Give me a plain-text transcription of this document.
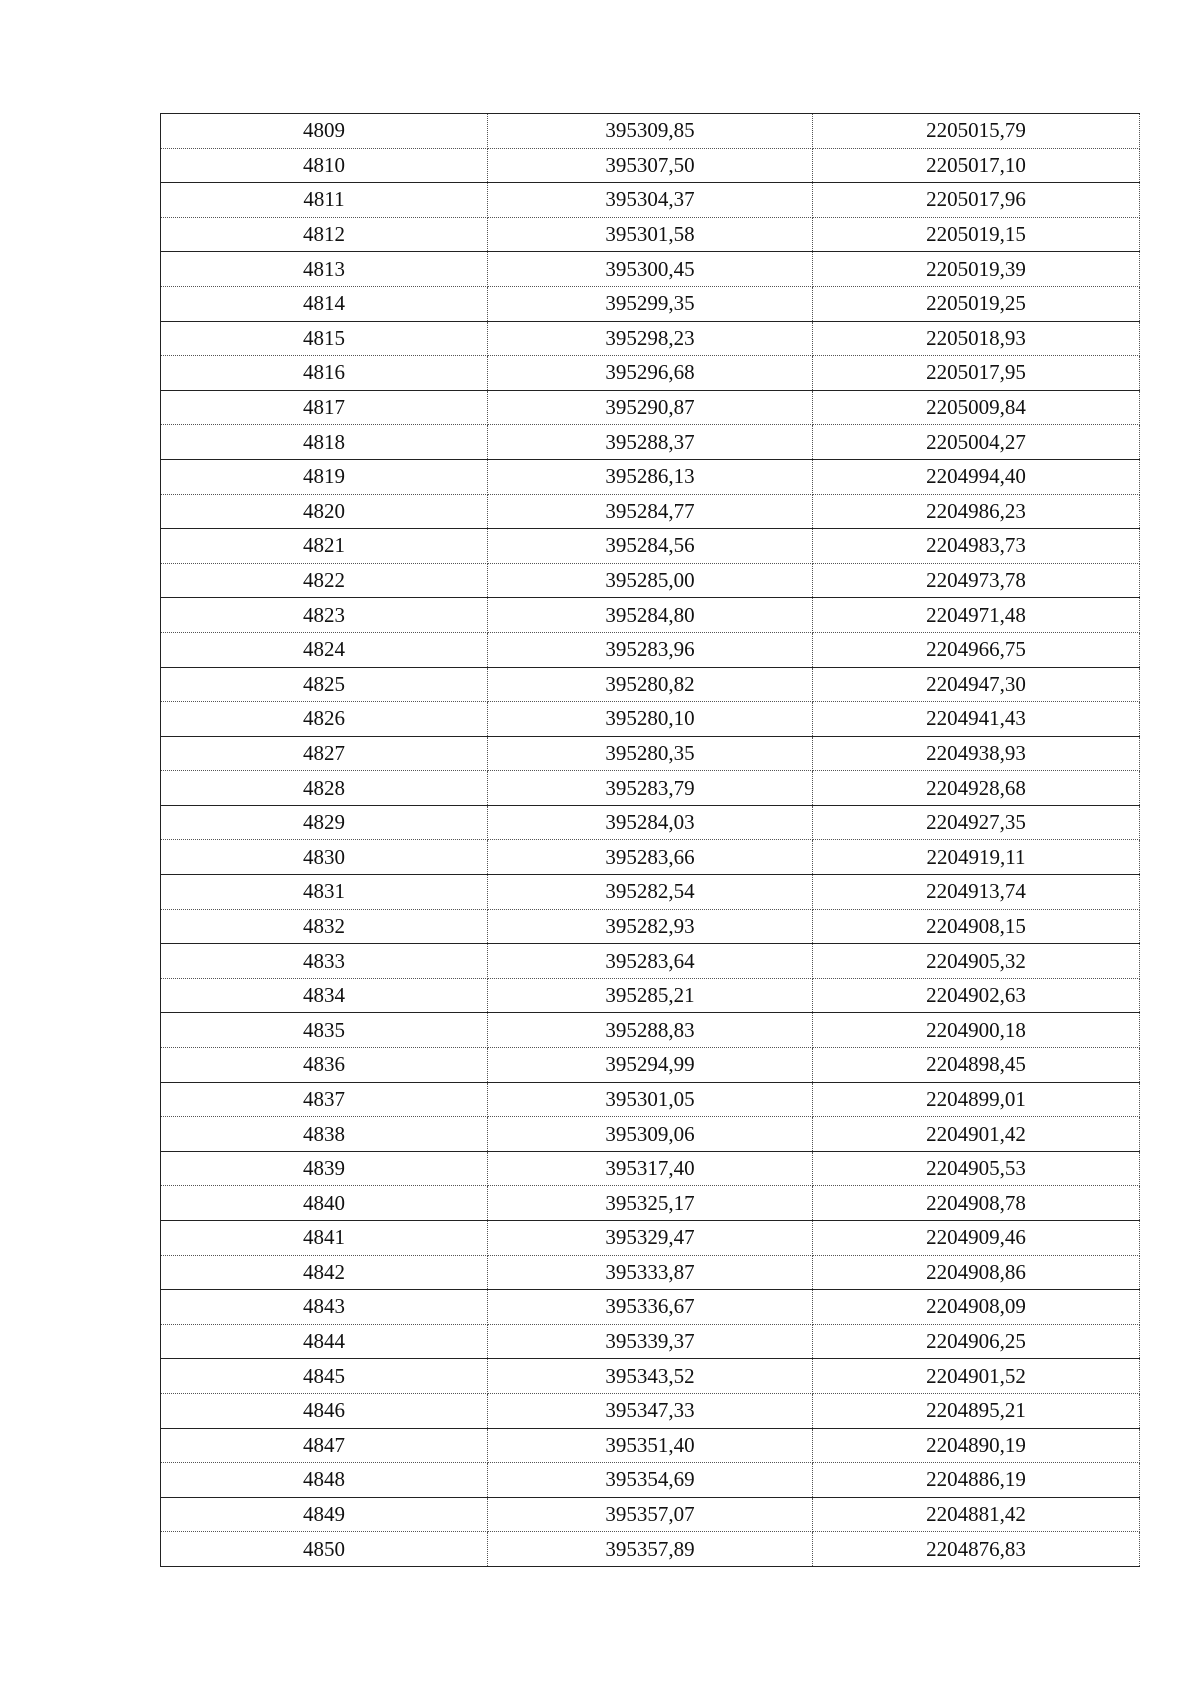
4809	395309,85	2205015,79
4810	395307,50	2205017,10
4811	395304,37	2205017,96
4812	395301,58	2205019,15
4813	395300,45	2205019,39
4814	395299,35	2205019,25
4815	395298,23	2205018,93
4816	395296,68	2205017,95
4817	395290,87	2205009,84
4818	395288,37	2205004,27
4819	395286,13	2204994,40
4820	395284,77	2204986,23
4821	395284,56	2204983,73
4822	395285,00	2204973,78
4823	395284,80	2204971,48
4824	395283,96	2204966,75
4825	395280,82	2204947,30
4826	395280,10	2204941,43
4827	395280,35	2204938,93
4828	395283,79	2204928,68
4829	395284,03	2204927,35
4830	395283,66	2204919,11
4831	395282,54	2204913,74
4832	395282,93	2204908,15
4833	395283,64	2204905,32
4834	395285,21	2204902,63
4835	395288,83	2204900,18
4836	395294,99	2204898,45
4837	395301,05	2204899,01
4838	395309,06	2204901,42
4839	395317,40	2204905,53
4840	395325,17	2204908,78
4841	395329,47	2204909,46
4842	395333,87	2204908,86
4843	395336,67	2204908,09
4844	395339,37	2204906,25
4845	395343,52	2204901,52
4846	395347,33	2204895,21
4847	395351,40	2204890,19
4848	395354,69	2204886,19
4849	395357,07	2204881,42
4850	395357,89	2204876,83
